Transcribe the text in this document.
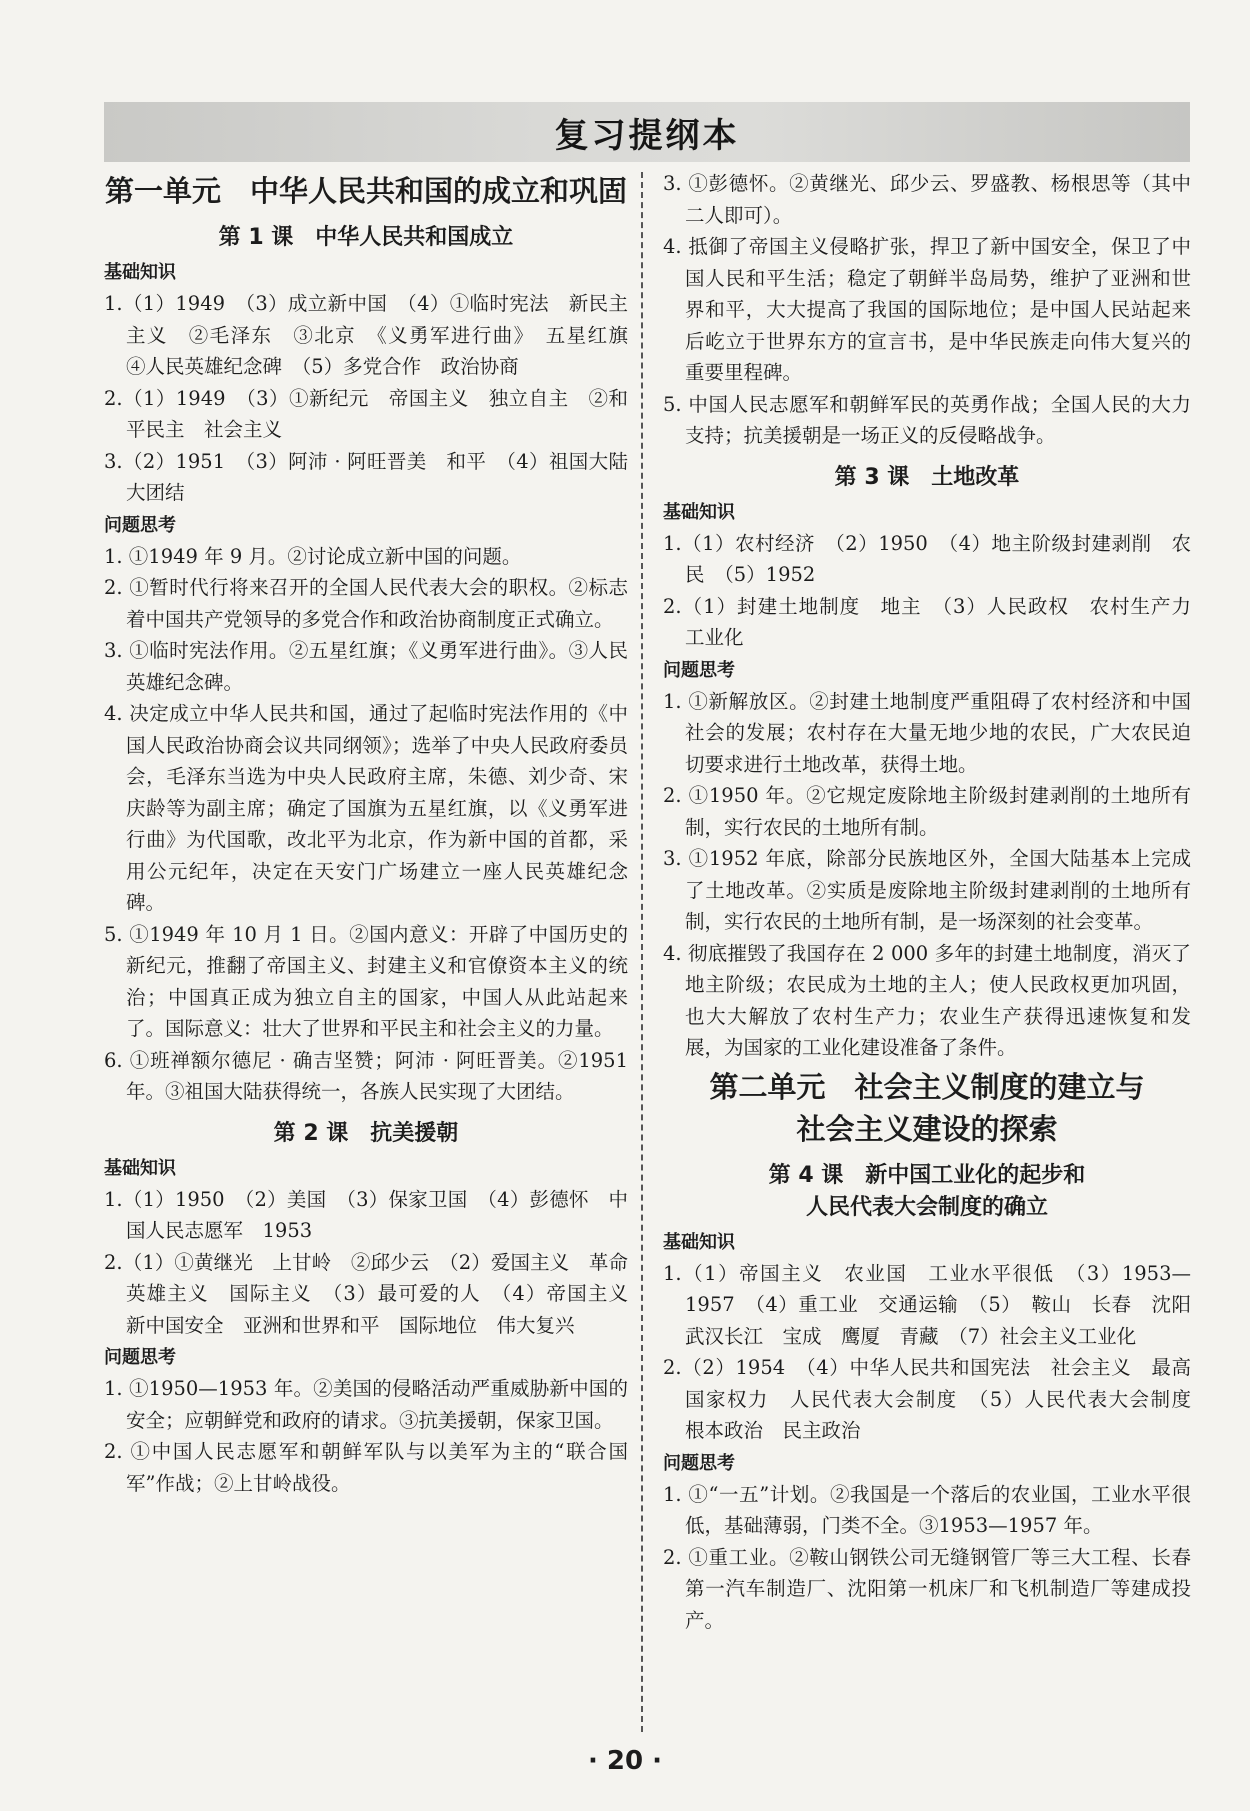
复习提纲本
第一单元　中华人民共和国的成立和巩固
第 1 课　中华人民共和国成立
基础知识
1.（1）1949　（3）成立新中国　（4）①临时宪法　新民主主义　②毛泽东　③北京　《义勇军进行曲》　五星红旗　④人民英雄纪念碑　（5）多党合作　政治协商
2.（1）1949　（3）①新纪元　帝国主义　独立自主　②和平民主　社会主义
3.（2）1951　（3）阿沛 · 阿旺晋美　和平　（4）祖国大陆　大团结
问题思考
1. ①1949 年 9 月。②讨论成立新中国的问题。
2. ①暂时代行将来召开的全国人民代表大会的职权。②标志着中国共产党领导的多党合作和政治协商制度正式确立。
3. ①临时宪法作用。②五星红旗；《义勇军进行曲》。③人民英雄纪念碑。
4. 决定成立中华人民共和国，通过了起临时宪法作用的《中国人民政治协商会议共同纲领》；选举了中央人民政府委员会，毛泽东当选为中央人民政府主席，朱德、刘少奇、宋庆龄等为副主席；确定了国旗为五星红旗，以《义勇军进行曲》为代国歌，改北平为北京，作为新中国的首都，采用公元纪年，决定在天安门广场建立一座人民英雄纪念碑。
5. ①1949 年 10 月 1 日。②国内意义：开辟了中国历史的新纪元，推翻了帝国主义、封建主义和官僚资本主义的统治；中国真正成为独立自主的国家，中国人从此站起来了。国际意义：壮大了世界和平民主和社会主义的力量。
6. ①班禅额尔德尼 · 确吉坚赞；阿沛 · 阿旺晋美。②1951 年。③祖国大陆获得统一，各族人民实现了大团结。
第 2 课　抗美援朝
基础知识
1.（1）1950　（2）美国　（3）保家卫国　（4）彭德怀　中国人民志愿军　1953
2.（1）①黄继光　上甘岭　②邱少云　（2）爱国主义　革命英雄主义　国际主义　（3）最可爱的人　（4）帝国主义　新中国安全　亚洲和世界和平　国际地位　伟大复兴
问题思考
1. ①1950—1953 年。②美国的侵略活动严重威胁新中国的安全；应朝鲜党和政府的请求。③抗美援朝，保家卫国。
2. ①中国人民志愿军和朝鲜军队与以美军为主的“联合国军”作战；②上甘岭战役。
3. ①彭德怀。②黄继光、邱少云、罗盛教、杨根思等（其中二人即可）。
4. 抵御了帝国主义侵略扩张，捍卫了新中国安全，保卫了中国人民和平生活；稳定了朝鲜半岛局势，维护了亚洲和世界和平，大大提高了我国的国际地位；是中国人民站起来后屹立于世界东方的宣言书，是中华民族走向伟大复兴的重要里程碑。
5. 中国人民志愿军和朝鲜军民的英勇作战；全国人民的大力支持；抗美援朝是一场正义的反侵略战争。
第 3 课　土地改革
基础知识
1.（1）农村经济　（2）1950　（4）地主阶级封建剥削　农民　（5）1952
2.（1）封建土地制度　地主　（3）人民政权　农村生产力　工业化
问题思考
1. ①新解放区。②封建土地制度严重阻碍了农村经济和中国社会的发展；农村存在大量无地少地的农民，广大农民迫切要求进行土地改革，获得土地。
2. ①1950 年。②它规定废除地主阶级封建剥削的土地所有制，实行农民的土地所有制。
3. ①1952 年底，除部分民族地区外，全国大陆基本上完成了土地改革。②实质是废除地主阶级封建剥削的土地所有制，实行农民的土地所有制，是一场深刻的社会变革。
4. 彻底摧毁了我国存在 2 000 多年的封建土地制度，消灭了地主阶级；农民成为土地的主人；使人民政权更加巩固，也大大解放了农村生产力；农业生产获得迅速恢复和发展，为国家的工业化建设准备了条件。
第二单元　社会主义制度的建立与
社会主义建设的探索
第 4 课　新中国工业化的起步和
人民代表大会制度的确立
基础知识
1.（1）帝国主义　农业国　工业水平很低　（3）1953—1957　（4）重工业　交通运输　（5）　鞍山　长春　沈阳　武汉长江　宝成　鹰厦　青藏　（7）社会主义工业化
2.（2）1954　（4）中华人民共和国宪法　社会主义　最高国家权力　人民代表大会制度　（5）人民代表大会制度　根本政治　民主政治
问题思考
1. ①“一五”计划。②我国是一个落后的农业国，工业水平很低，基础薄弱，门类不全。③1953—1957 年。
2. ①重工业。②鞍山钢铁公司无缝钢管厂等三大工程、长春第一汽车制造厂、沈阳第一机床厂和飞机制造厂等建成投产。
· 20 ·
